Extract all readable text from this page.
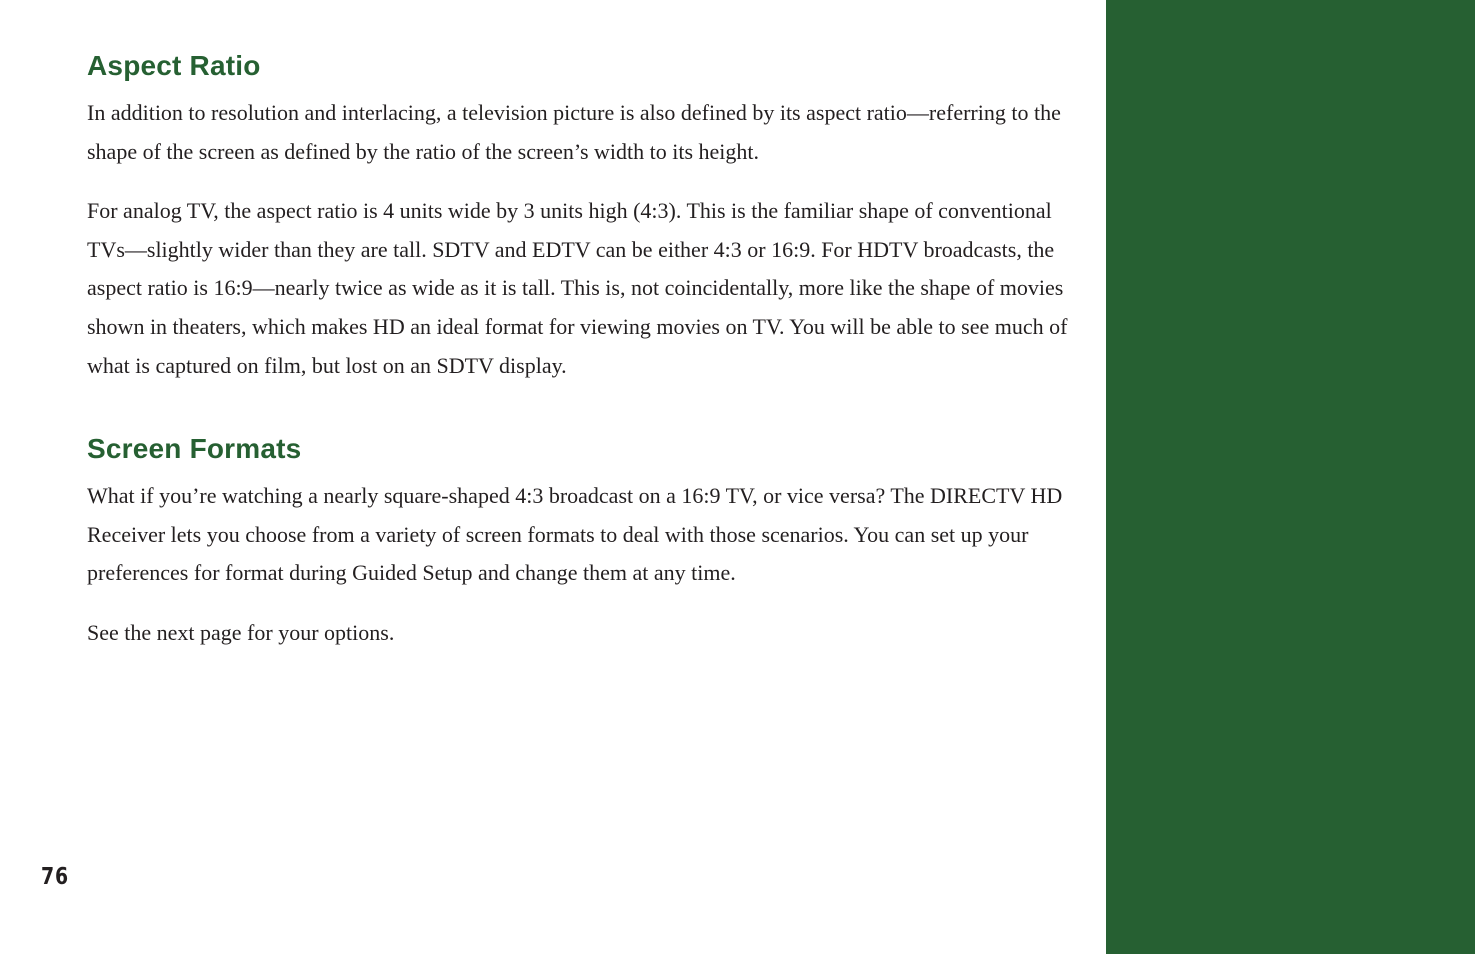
Aspect Ratio

In addition to resolution and interlacing, a television picture is also defined by its aspect ratio—referring to the shape of the screen as defined by the ratio of the screen’s width to its height.

For analog TV, the aspect ratio is 4 units wide by 3 units high (4:3). This is the familiar shape of conventional TVs—slightly wider than they are tall. SDTV and EDTV can be either 4:3 or 16:9. For HDTV broadcasts, the aspect ratio is 16:9—nearly twice as wide as it is tall. This is, not coincidentally, more like the shape of movies shown in theaters, which makes HD an ideal format for viewing movies on TV. You will be able to see much of what is captured on film, but lost on an SDTV display.

Screen Formats

What if you’re watching a nearly square-shaped 4:3 broadcast on a 16:9 TV, or vice versa? The DIRECTV HD Receiver lets you choose from a variety of screen formats to deal with those scenarios. You can set up your preferences for format during Guided Setup and change them at any time.

See the next page for your options.

76
